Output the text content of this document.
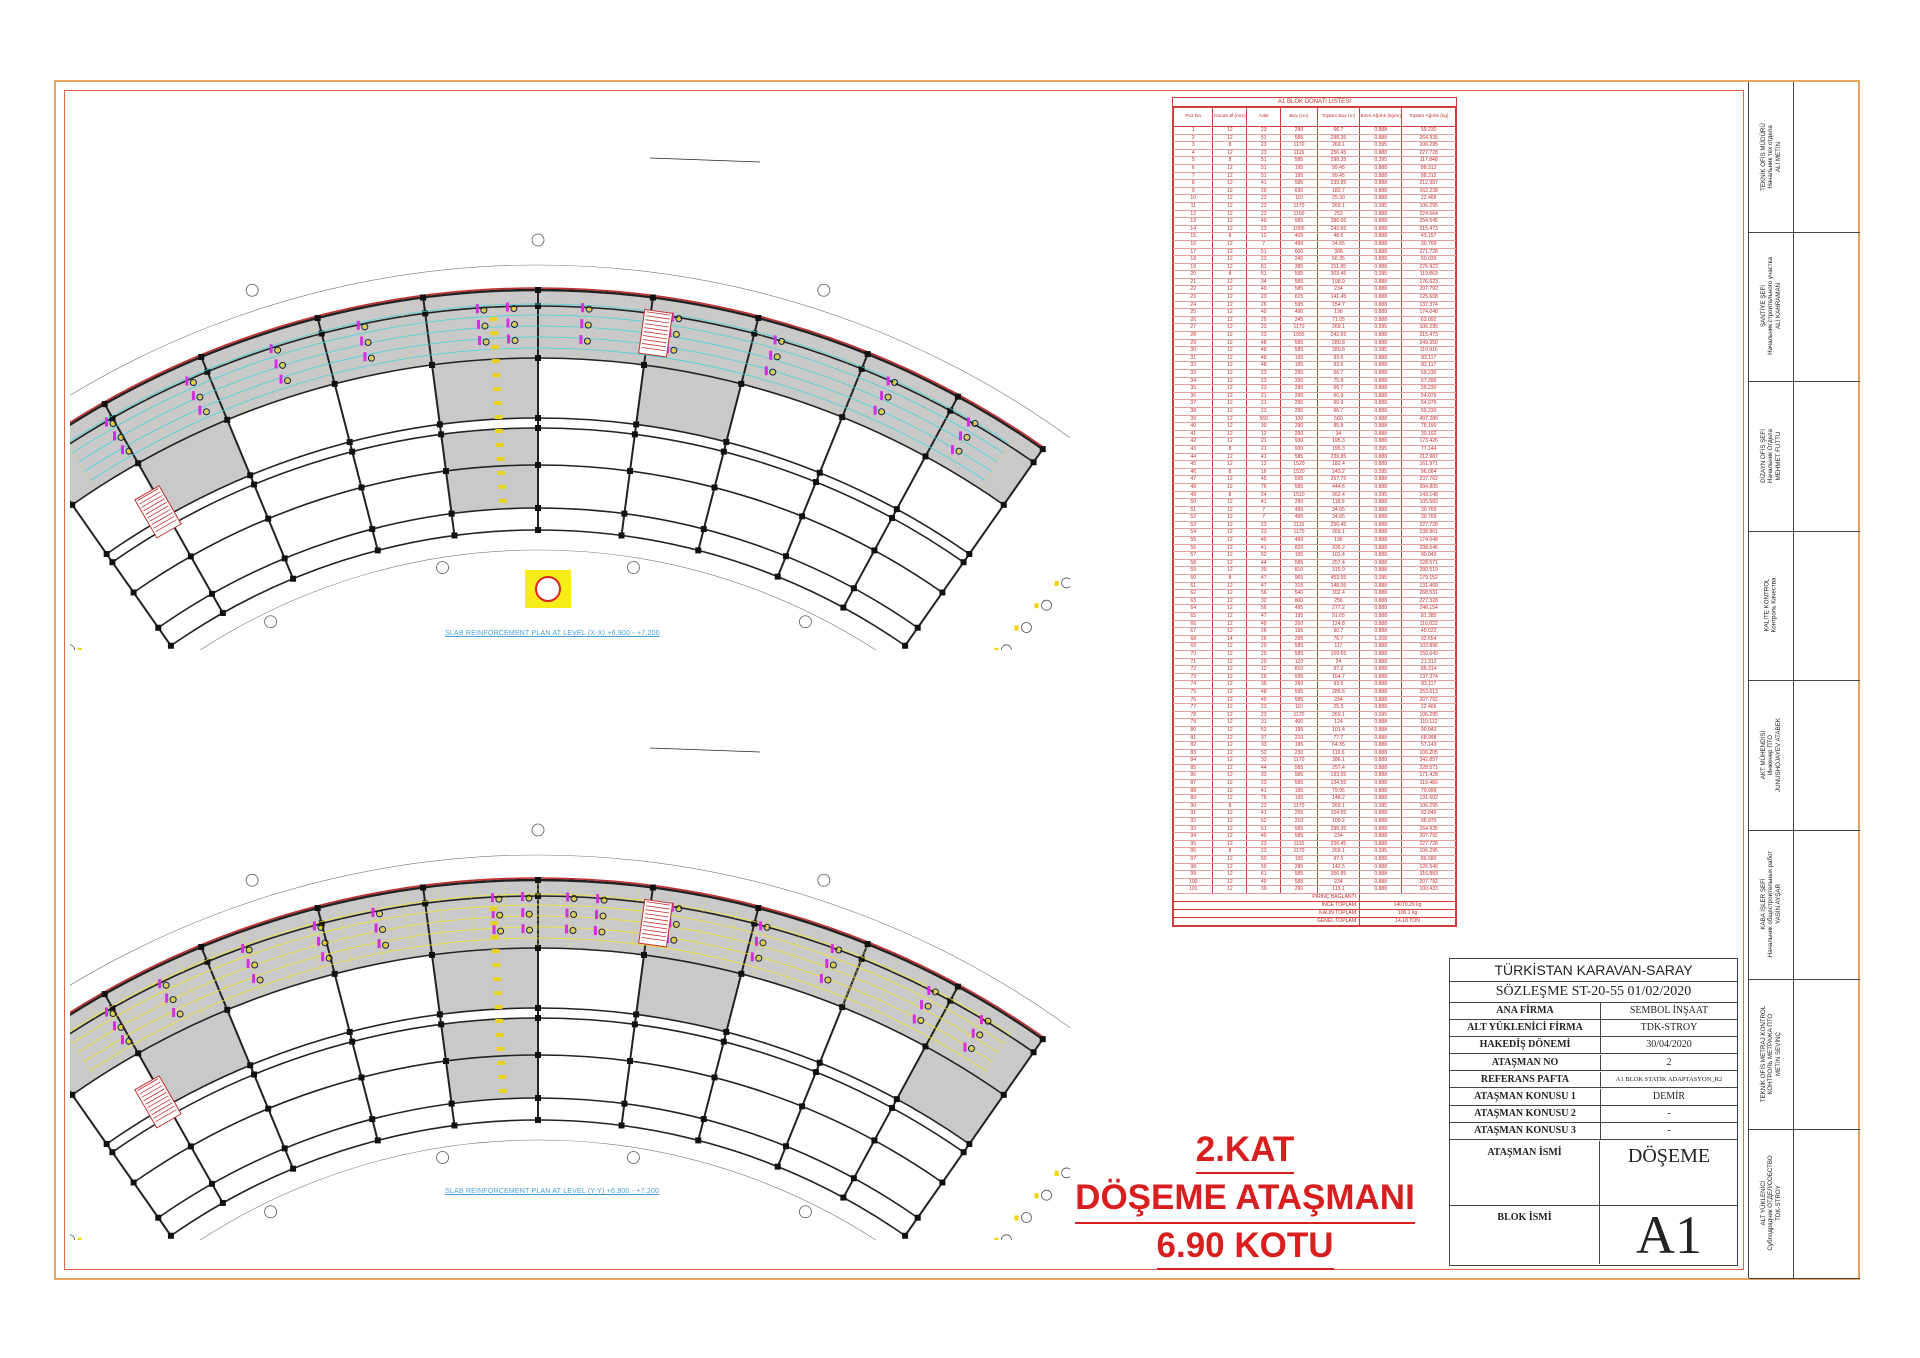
SLAB REINFORCEMENT PLAN AT LEVEL (X-X) +6.900 - +7.200
SLAB REINFORCEMENT PLAN AT LEVEL (Y-Y) +6.900 - +7.200
A1 BLOK DONATI LİSTESİ
Poz No	Donatı Ø (mm)	Adet	Boy (cm)	Toplam Boy (m)	Birim Ağırlık (kg/m)	Toplam Ağırlık (kg)
1	12	23	290	66.7	0.888	59.230
2	12	51	585	298.35	0.888	264.935
3	8	23	1170	269.1	0.395	106.295
4	12	23	1115	256.45	0.888	227.728
5	8	51	585	298.35	0.395	117.848
6	12	51	195	99.45	0.888	88.312
7	12	51	195	99.45	0.888	88.312
8	12	41	585	239.85	0.888	212.987
9	12	29	630	182.7	0.888	162.238
10	12	23	110	25.30	0.888	22.466
11	12	23	1170	269.1	0.395	106.295
12	12	23	1100	253	0.888	224.664
13	12	49	585	286.65	0.888	254.545
14	12	23	1055	242.65	0.888	215.473
15	8	12	405	48.6	0.888	43.157
16	12	7	495	34.65	0.888	30.769
17	12	51	600	306	0.888	271.728
18	12	23	245	56.35	0.888	50.039
19	12	81	385	311.85	0.888	276.923
20	8	51	595	303.45	0.395	119.863
21	12	34	585	198.9	0.888	176.623
22	12	40	585	234	0.888	207.792
23	12	23	615	141.45	0.888	125.608
24	12	26	595	154.7	0.888	137.374
25	12	40	490	196	0.888	174.048
26	12	29	245	71.05	0.888	63.092
27	12	23	1170	269.1	0.395	106.295
28	12	23	1055	242.65	0.888	215.473
29	12	48	585	280.8	0.888	249.350
30	12	48	585	280.8	0.395	110.916
31	12	48	195	93.6	0.888	83.117
32	12	48	195	93.6	0.888	83.117
33	12	23	290	66.7	0.888	59.230
34	12	23	330	75.9	0.888	67.399
35	12	23	290	66.7	0.888	59.230
36	12	21	290	60.9	0.888	54.079
37	12	21	290	60.9	0.888	54.079
38	12	23	290	66.7	0.888	59.230
39	12	560	100	560	0.888	497.280
40	12	30	290	85.8	0.888	76.190
41	12	12	290	34	0.888	30.192
42	12	21	930	195.3	0.888	173.426
43	8	21	930	195.3	0.395	77.144
44	12	41	585	239.85	0.888	212.987
45	12	12	1520	182.4	0.888	161.971
46	8	16	1520	243.2	0.395	96.064
47	12	45	595	267.75	0.888	237.762
48	12	76	585	444.6	0.888	394.805
49	8	24	1510	362.4	0.395	143.148
50	12	41	290	118.9	0.888	105.583
51	12	7	495	34.65	0.888	30.769
52	12	7	495	34.65	0.888	30.769
53	12	23	1115	256.45	0.888	227.728
54	12	23	1170	269.1	0.888	238.961
55	12	40	490	196	0.888	174.048
56	12	41	820	336.2	0.888	298.546
57	12	52	195	101.4	0.888	90.043
58	12	44	585	257.4	0.888	228.571
59	12	39	810	315.9	0.888	280.519
60	8	47	965	453.55	0.395	179.152
61	12	47	315	148.05	0.888	131.468
62	12	56	540	302.4	0.888	268.531
63	12	32	800	256	0.888	227.328
64	12	56	495	277.2	0.888	246.154
65	12	47	195	91.65	0.888	81.385
66	12	48	260	124.8	0.888	110.822
67	12	26	195	50.7	0.888	45.022
68	14	26	295	76.7	1.208	92.654
69	12	20	585	117	0.888	103.896
70	12	29	585	169.65	0.888	150.649
71	12	20	120	24	0.888	21.312
72	12	12	810	97.2	0.888	86.314
73	12	26	595	154.7	0.888	137.374
74	12	36	260	93.6	0.888	83.117
75	12	48	595	285.6	0.888	253.613
76	12	40	585	234	0.888	207.792
77	12	23	110	25.3	0.888	22.466
78	12	23	1170	269.1	0.395	106.295
79	12	31	400	124	0.888	110.112
80	12	52	195	101.4	0.888	90.043
81	12	37	210	77.7	0.888	68.998
82	12	33	195	64.35	0.888	57.143
83	12	52	230	119.6	0.888	106.205
84	12	33	1170	386.1	0.888	342.857
85	12	44	585	257.4	0.888	228.571
86	12	33	585	193.05	0.888	171.428
87	12	23	585	134.55	0.888	119.480
88	12	41	195	79.95	0.888	70.996
89	12	76	195	148.2	0.888	131.602
90	8	23	1170	269.1	0.395	106.295
91	12	41	255	104.55	0.888	92.840
92	12	52	210	109.2	0.888	96.970
93	12	51	585	298.35	0.888	264.935
94	12	40	585	234	0.888	207.792
95	12	23	1115	256.45	0.888	227.728
96	8	23	1170	269.1	0.395	106.295
97	12	50	195	97.5	0.888	86.580
98	12	50	285	142.5	0.888	126.540
99	12	61	585	356.85	0.888	316.883
100	12	40	585	234	0.888	207.792
101	12	39	290	113.1	0.888	100.433
PİRİNÇ BAĞLANTI						
İNCE TOPLAM					14079.29 kg	
KALIN TOPLAM					106.1 kg	
GENEL TOPLAM					14.18 TON	
2.KAT
DÖŞEME ATAŞMANI
6.90 KOTU
TÜRKİSTAN KARAVAN-SARAY
SÖZLEŞME ST-20-55 01/02/2020
ANA FİRMA	SEMBOL İNŞAAT
ALT YÜKLENİCİ FİRMA	TDK-STROY
HAKEDİŞ DÖNEMİ	30/04/2020
ATAŞMAN NO	2
REFERANS PAFTA	A1 BLOK STATİK ADAPTASYON_R2
ATAŞMAN KONUSU 1	DEMİR
ATAŞMAN KONUSU 2	-
ATAŞMAN KONUSU 3	-
ATAŞMAN İSMİ	DÖŞEME
BLOK İSMİ	A1
TEKNİK OFİS MÜDÜRÜ Начальник тех отдела ALİ METİN
ŞANTİYE ŞEFİ Начальник строительного участка ALİ KAHRAMAN
DİZAYN OFİS ŞEFİ Начальник Отдела MEHMET FUTTU
KALİTE KONTROL Контроль Качества
AKT MÜHENDİSİ Инженер ПТО JUNUSHOJAYEV ATABEK
KABA İŞLER ŞEFİ Начальник общестроительных работ YASİN AYŞAR
TEKNİK OFİS METRAJ KONTROL КОНТРОЛЬ МЕТРАЖА ПТО METİN SEVİNÇ
ALT YÜKLENİCİ Субподрядчик ОТДЕЛ/СОБСТВО TDK-STROY
